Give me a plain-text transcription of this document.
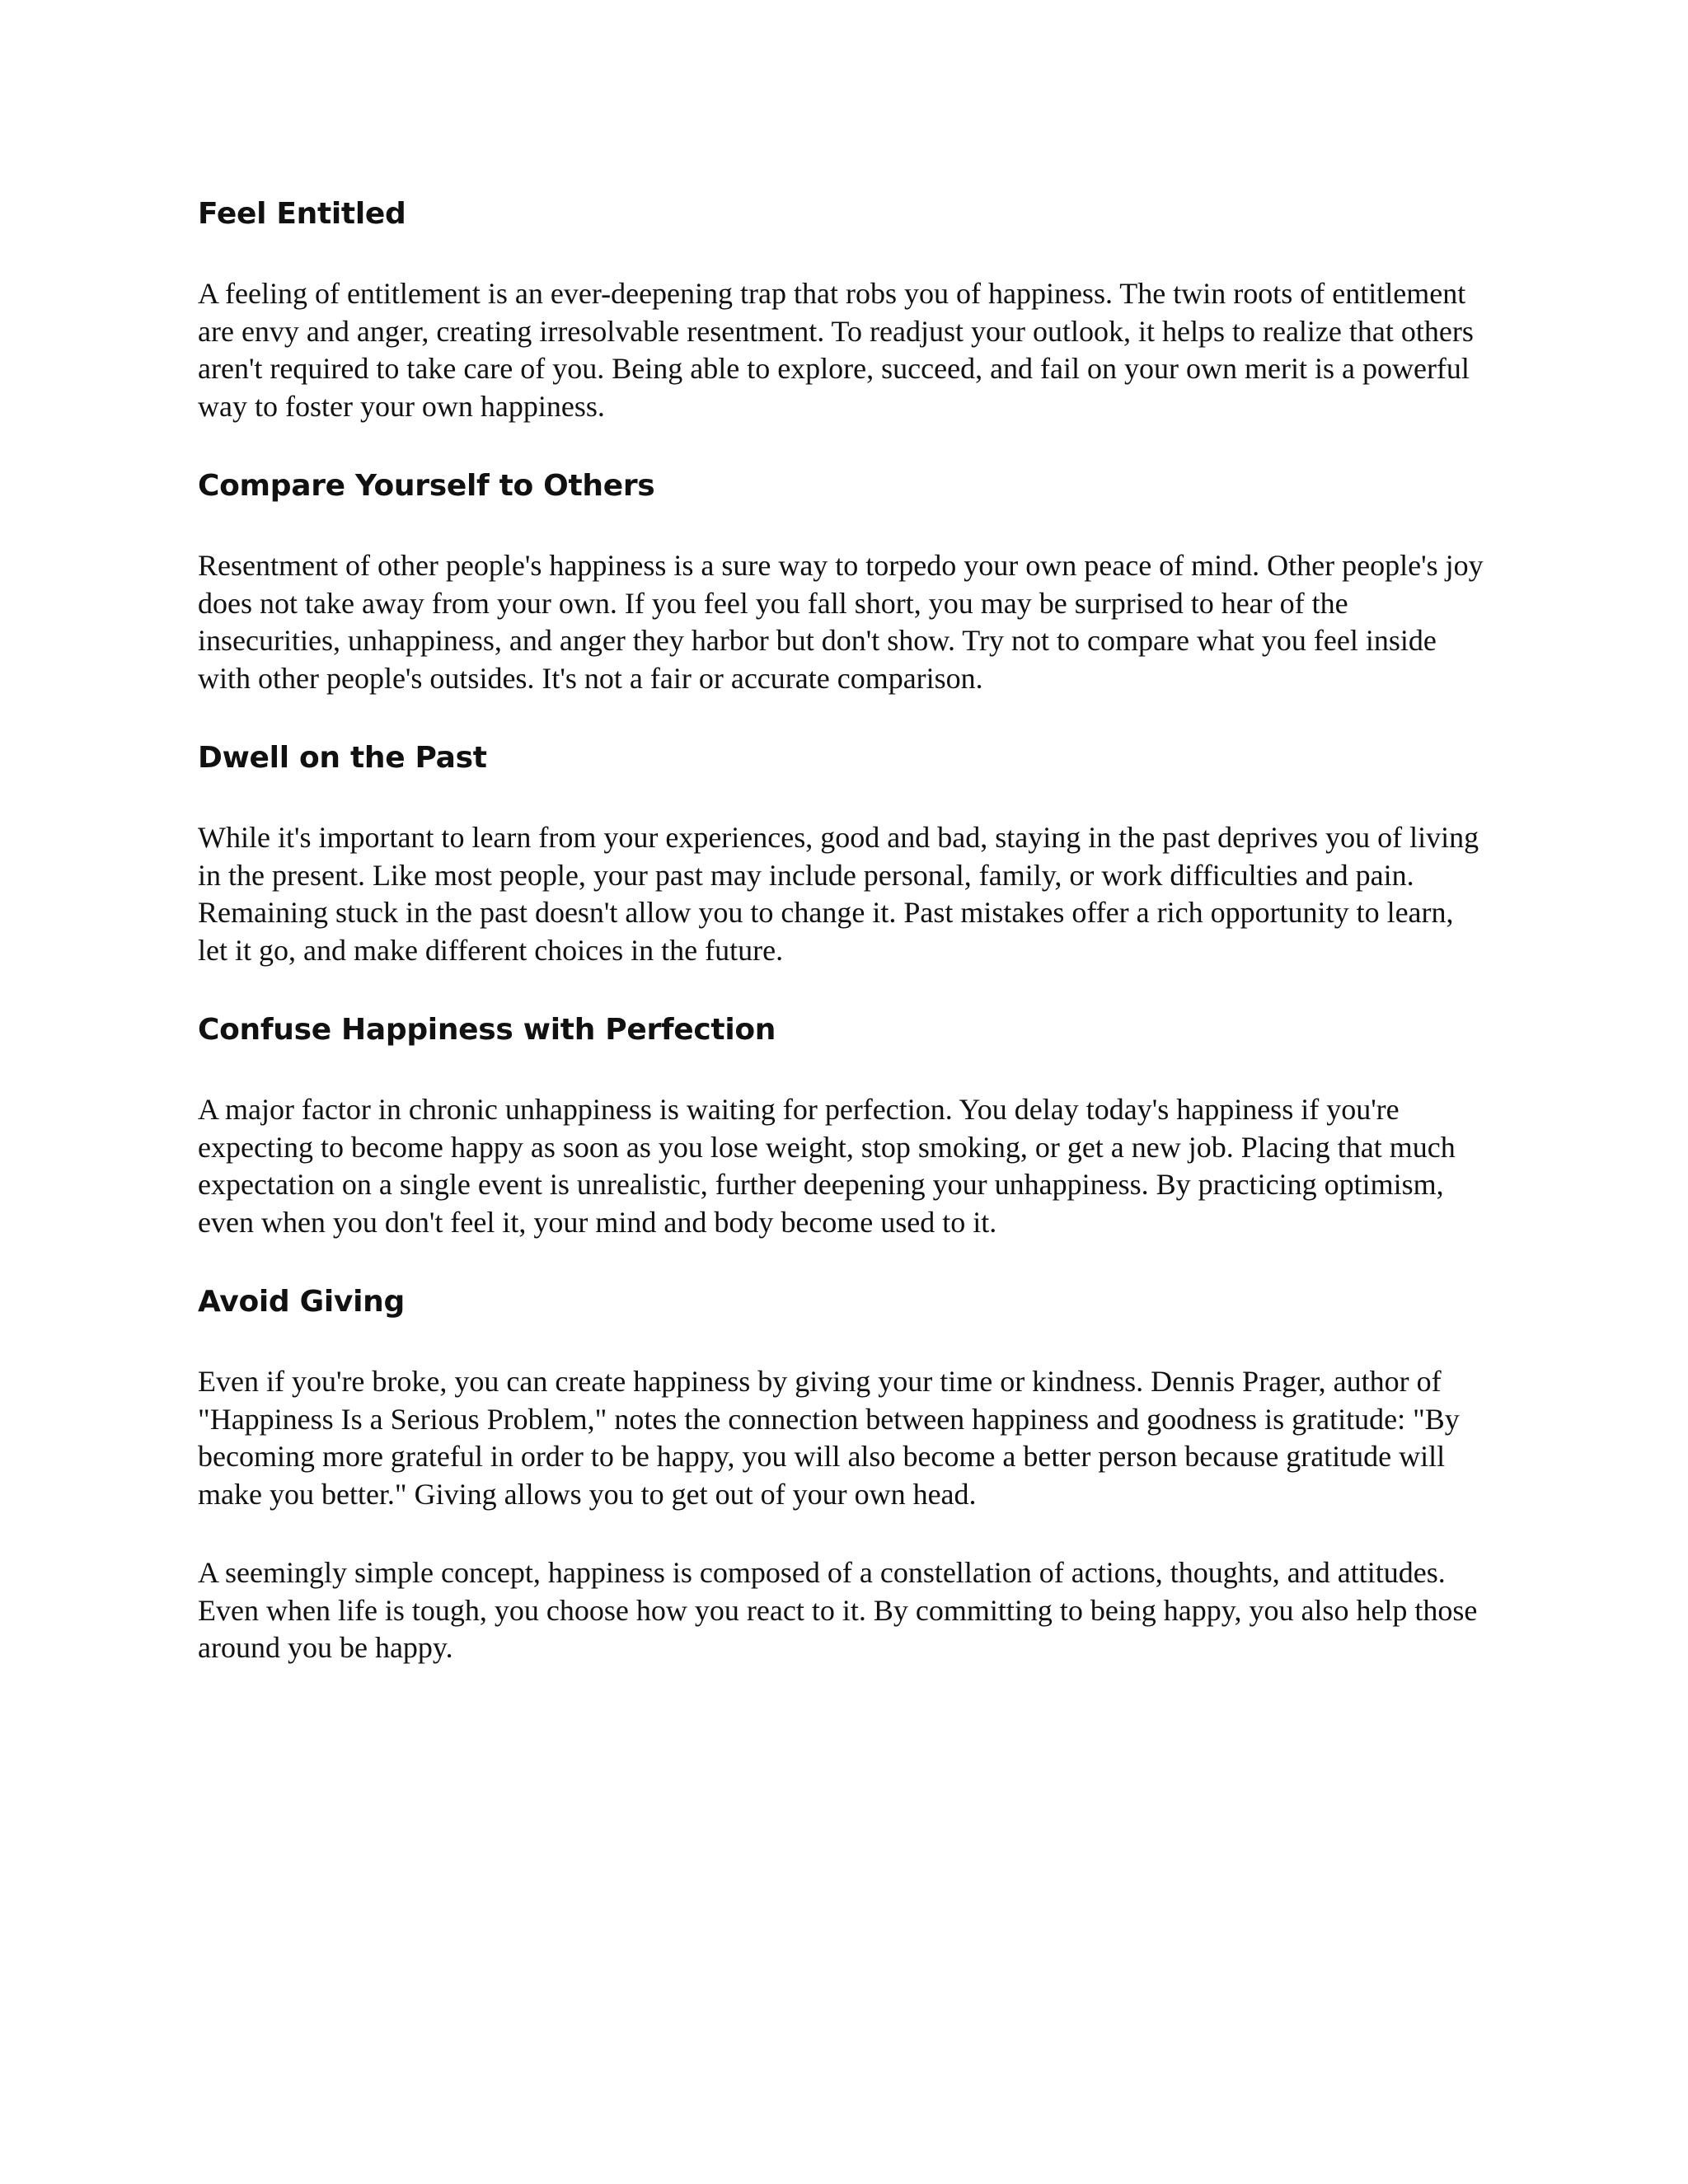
Feel Entitled

A feeling of entitlement is an ever-deepening trap that robs you of happiness. The twin roots of entitlement are envy and anger, creating irresolvable resentment. To readjust your outlook, it helps to realize that others aren't required to take care of you. Being able to explore, succeed, and fail on your own merit is a powerful way to foster your own happiness.

Compare Yourself to Others

Resentment of other people's happiness is a sure way to torpedo your own peace of mind. Other people's joy does not take away from your own. If you feel you fall short, you may be surprised to hear of the insecurities, unhappiness, and anger they harbor but don't show. Try not to compare what you feel inside with other people's outsides. It's not a fair or accurate comparison.

Dwell on the Past

While it's important to learn from your experiences, good and bad, staying in the past deprives you of living in the present. Like most people, your past may include personal, family, or work difficulties and pain. Remaining stuck in the past doesn't allow you to change it. Past mistakes offer a rich opportunity to learn, let it go, and make different choices in the future.

Confuse Happiness with Perfection

A major factor in chronic unhappiness is waiting for perfection. You delay today's happiness if you're expecting to become happy as soon as you lose weight, stop smoking, or get a new job. Placing that much expectation on a single event is unrealistic, further deepening your unhappiness. By practicing optimism, even when you don't feel it, your mind and body become used to it.

Avoid Giving

Even if you're broke, you can create happiness by giving your time or kindness. Dennis Prager, author of "Happiness Is a Serious Problem," notes the connection between happiness and goodness is gratitude: "By becoming more grateful in order to be happy, you will also become a better person because gratitude will make you better." Giving allows you to get out of your own head.

A seemingly simple concept, happiness is composed of a constellation of actions, thoughts, and attitudes. Even when life is tough, you choose how you react to it. By committing to being happy, you also help those around you be happy.
